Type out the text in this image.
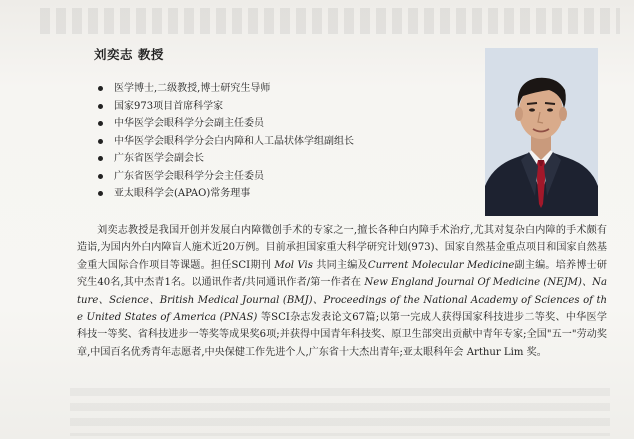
刘奕志 教授
医学博士,二级教授,博士研究生导师
国家973项目首席科学家
中华医学会眼科学分会副主任委员
中华医学会眼科学分会白内障和人工晶状体学组副组长
广东省医学会副会长
广东省医学会眼科学分会主任委员
亚太眼科学会(APAO)常务理事

刘奕志教授是我国开创并发展白内障微创手术的专家之一,擅长各种白内障手术治疗,尤其对复杂白内障的手术颇有造诣,为国内外白内障盲人施术近20万例。目前承担国家重大科学研究计划(973)、国家自然基金重点项目和国家自然基金重大国际合作项目等课题。担任SCI期刊 Mol Vis 共同主编及Current Molecular Medicine副主编。培养博士研究生40名,其中杰青1名。以通讯作者/共同通讯作者/第一作者在 New England Journal Of Medicine (NEJM)、Nature、Science、British Medical Journal (BMJ)、Proceedings of the National Academy of Sciences of the United States of America (PNAS) 等SCI杂志发表论文67篇;以第一完成人获得国家科技进步二等奖、中华医学科技一等奖、省科技进步一等奖等成果奖6项;并获得中国青年科技奖、原卫生部突出贡献中青年专家;全国"五一"劳动奖章,中国百名优秀青年志愿者,中央保健工作先进个人,广东省十大杰出青年;亚太眼科年会 Arthur Lim 奖。
